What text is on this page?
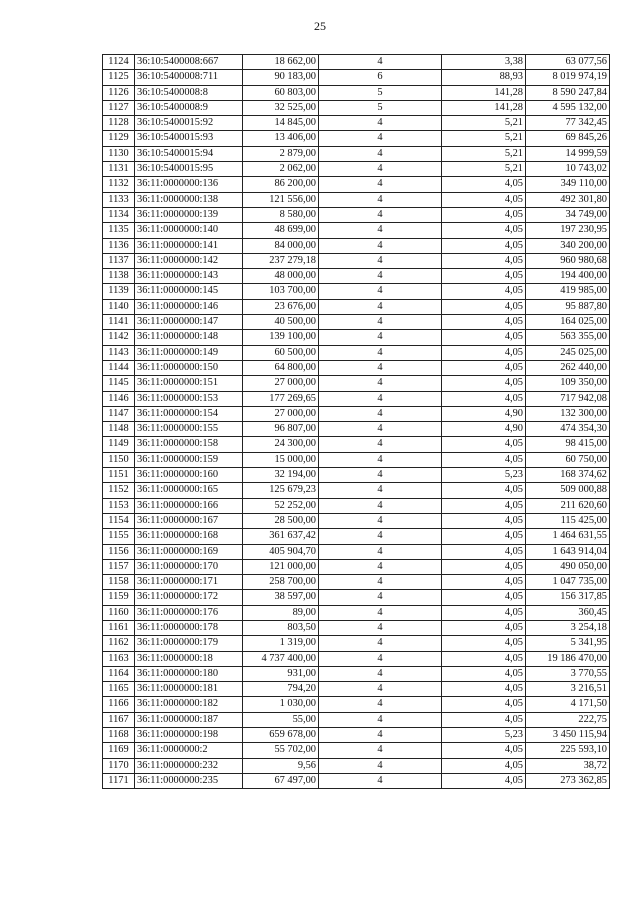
25
1124	36:10:5400008:667	18 662,00	4	3,38	63 077,56
1125	36:10:5400008:711	90 183,00	6	88,93	8 019 974,19
1126	36:10:5400008:8	60 803,00	5	141,28	8 590 247,84
1127	36:10:5400008:9	32 525,00	5	141,28	4 595 132,00
1128	36:10:5400015:92	14 845,00	4	5,21	77 342,45
1129	36:10:5400015:93	13 406,00	4	5,21	69 845,26
1130	36:10:5400015:94	2 879,00	4	5,21	14 999,59
1131	36:10:5400015:95	2 062,00	4	5,21	10 743,02
1132	36:11:0000000:136	86 200,00	4	4,05	349 110,00
1133	36:11:0000000:138	121 556,00	4	4,05	492 301,80
1134	36:11:0000000:139	8 580,00	4	4,05	34 749,00
1135	36:11:0000000:140	48 699,00	4	4,05	197 230,95
1136	36:11:0000000:141	84 000,00	4	4,05	340 200,00
1137	36:11:0000000:142	237 279,18	4	4,05	960 980,68
1138	36:11:0000000:143	48 000,00	4	4,05	194 400,00
1139	36:11:0000000:145	103 700,00	4	4,05	419 985,00
1140	36:11:0000000:146	23 676,00	4	4,05	95 887,80
1141	36:11:0000000:147	40 500,00	4	4,05	164 025,00
1142	36:11:0000000:148	139 100,00	4	4,05	563 355,00
1143	36:11:0000000:149	60 500,00	4	4,05	245 025,00
1144	36:11:0000000:150	64 800,00	4	4,05	262 440,00
1145	36:11:0000000:151	27 000,00	4	4,05	109 350,00
1146	36:11:0000000:153	177 269,65	4	4,05	717 942,08
1147	36:11:0000000:154	27 000,00	4	4,90	132 300,00
1148	36:11:0000000:155	96 807,00	4	4,90	474 354,30
1149	36:11:0000000:158	24 300,00	4	4,05	98 415,00
1150	36:11:0000000:159	15 000,00	4	4,05	60 750,00
1151	36:11:0000000:160	32 194,00	4	5,23	168 374,62
1152	36:11:0000000:165	125 679,23	4	4,05	509 000,88
1153	36:11:0000000:166	52 252,00	4	4,05	211 620,60
1154	36:11:0000000:167	28 500,00	4	4,05	115 425,00
1155	36:11:0000000:168	361 637,42	4	4,05	1 464 631,55
1156	36:11:0000000:169	405 904,70	4	4,05	1 643 914,04
1157	36:11:0000000:170	121 000,00	4	4,05	490 050,00
1158	36:11:0000000:171	258 700,00	4	4,05	1 047 735,00
1159	36:11:0000000:172	38 597,00	4	4,05	156 317,85
1160	36:11:0000000:176	89,00	4	4,05	360,45
1161	36:11:0000000:178	803,50	4	4,05	3 254,18
1162	36:11:0000000:179	1 319,00	4	4,05	5 341,95
1163	36:11:0000000:18	4 737 400,00	4	4,05	19 186 470,00
1164	36:11:0000000:180	931,00	4	4,05	3 770,55
1165	36:11:0000000:181	794,20	4	4,05	3 216,51
1166	36:11:0000000:182	1 030,00	4	4,05	4 171,50
1167	36:11:0000000:187	55,00	4	4,05	222,75
1168	36:11:0000000:198	659 678,00	4	5,23	3 450 115,94
1169	36:11:0000000:2	55 702,00	4	4,05	225 593,10
1170	36:11:0000000:232	9,56	4	4,05	38,72
1171	36:11:0000000:235	67 497,00	4	4,05	273 362,85
